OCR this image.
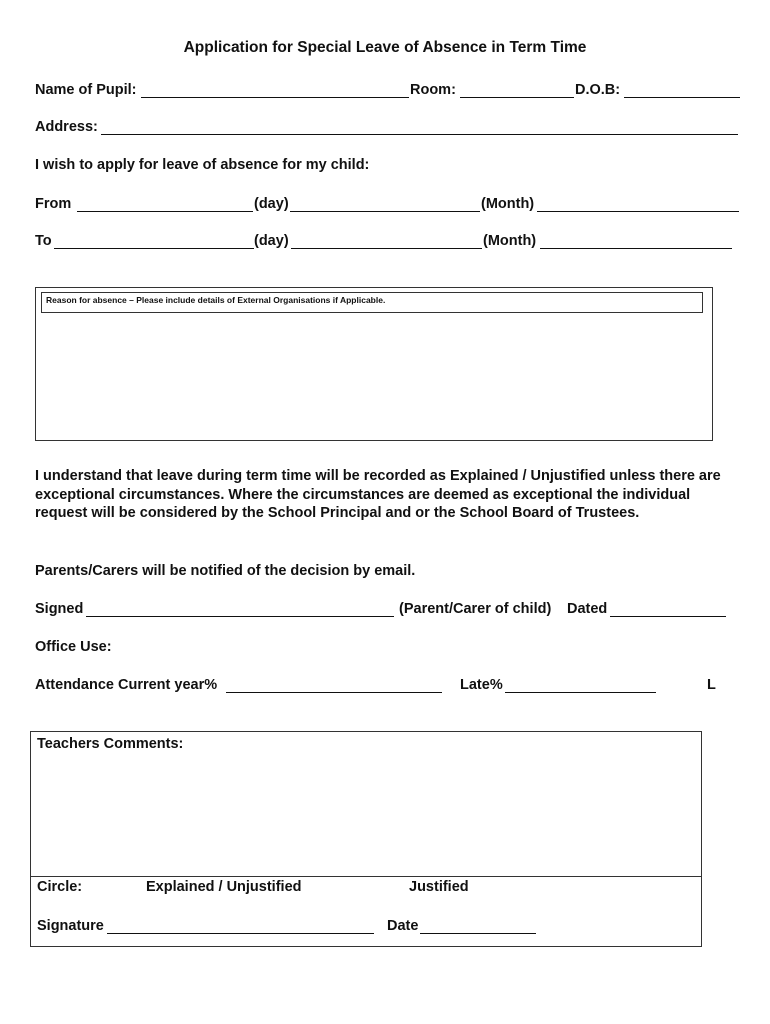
Application for Special Leave of Absence in Term Time
Name of Pupil:	Room:	D.O.B:
Address:
I wish to apply for leave of absence for my child:
From	(day)	(Month)
To	(day)	(Month)
Reason for absence – Please include details of External Organisations if Applicable.
I understand that leave during term time will be recorded as Explained / Unjustified unless there are exceptional circumstances. Where the circumstances are deemed as exceptional the individual request will be considered by the School Principal and or the School Board of Trustees.
Parents/Carers will be notified of the decision by email.
Signed	(Parent/Carer of child) Dated
Office Use:
Attendance Current year%	Late%	L
Teachers Comments:
Circle:	Explained / Unjustified	Justified
Signature	Date
